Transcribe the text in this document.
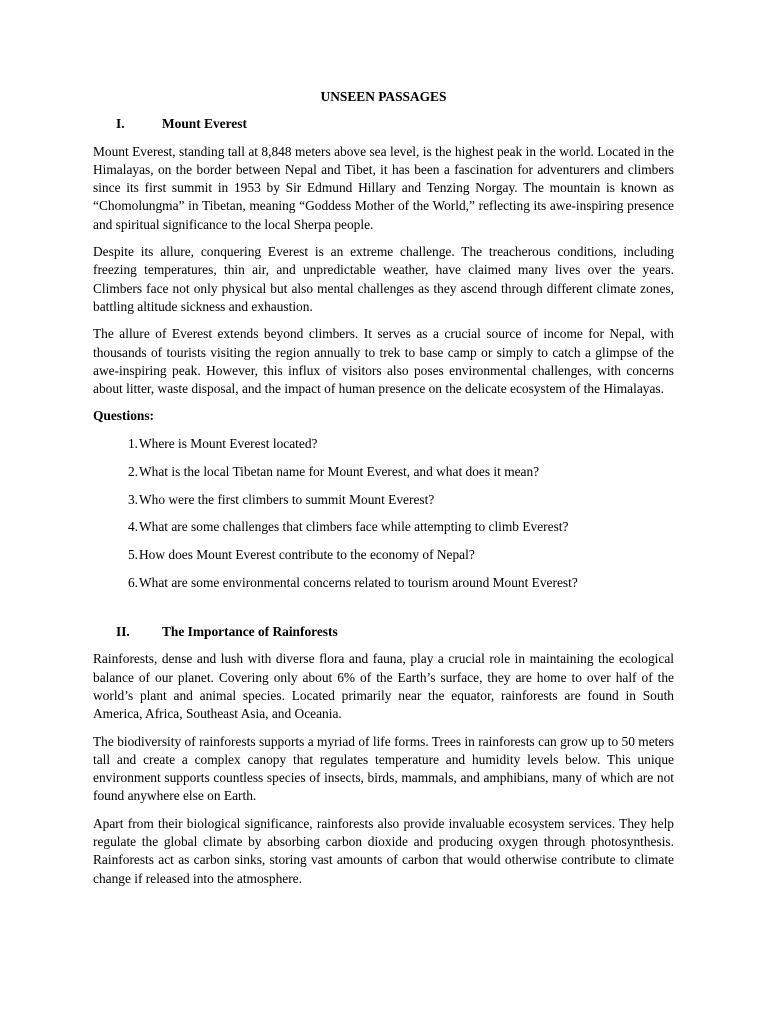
UNSEEN PASSAGES
I.	Mount Everest

Mount Everest, standing tall at 8,848 meters above sea level, is the highest peak in the world. Located in the Himalayas, on the border between Nepal and Tibet, it has been a fascination for adventurers and climbers since its first summit in 1953 by Sir Edmund Hillary and Tenzing Norgay. The mountain is known as “Chomolungma” in Tibetan, meaning “Goddess Mother of the World,” reflecting its awe-inspiring presence and spiritual significance to the local Sherpa people.

Despite its allure, conquering Everest is an extreme challenge. The treacherous conditions, including freezing temperatures, thin air, and unpredictable weather, have claimed many lives over the years. Climbers face not only physical but also mental challenges as they ascend through different climate zones, battling altitude sickness and exhaustion.

The allure of Everest extends beyond climbers. It serves as a crucial source of income for Nepal, with thousands of tourists visiting the region annually to trek to base camp or simply to catch a glimpse of the awe-inspiring peak. However, this influx of visitors also poses environmental challenges, with concerns about litter, waste disposal, and the impact of human presence on the delicate ecosystem of the Himalayas.

Questions:
1. Where is Mount Everest located?
2. What is the local Tibetan name for Mount Everest, and what does it mean?
3. Who were the first climbers to summit Mount Everest?
4. What are some challenges that climbers face while attempting to climb Everest?
5. How does Mount Everest contribute to the economy of Nepal?
6. What are some environmental concerns related to tourism around Mount Everest?
II.	The Importance of Rainforests

Rainforests, dense and lush with diverse flora and fauna, play a crucial role in maintaining the ecological balance of our planet. Covering only about 6% of the Earth’s surface, they are home to over half of the world’s plant and animal species. Located primarily near the equator, rainforests are found in South America, Africa, Southeast Asia, and Oceania.

The biodiversity of rainforests supports a myriad of life forms. Trees in rainforests can grow up to 50 meters tall and create a complex canopy that regulates temperature and humidity levels below. This unique environment supports countless species of insects, birds, mammals, and amphibians, many of which are not found anywhere else on Earth.

Apart from their biological significance, rainforests also provide invaluable ecosystem services. They help regulate the global climate by absorbing carbon dioxide and producing oxygen through photosynthesis. Rainforests act as carbon sinks, storing vast amounts of carbon that would otherwise contribute to climate change if released into the atmosphere.
